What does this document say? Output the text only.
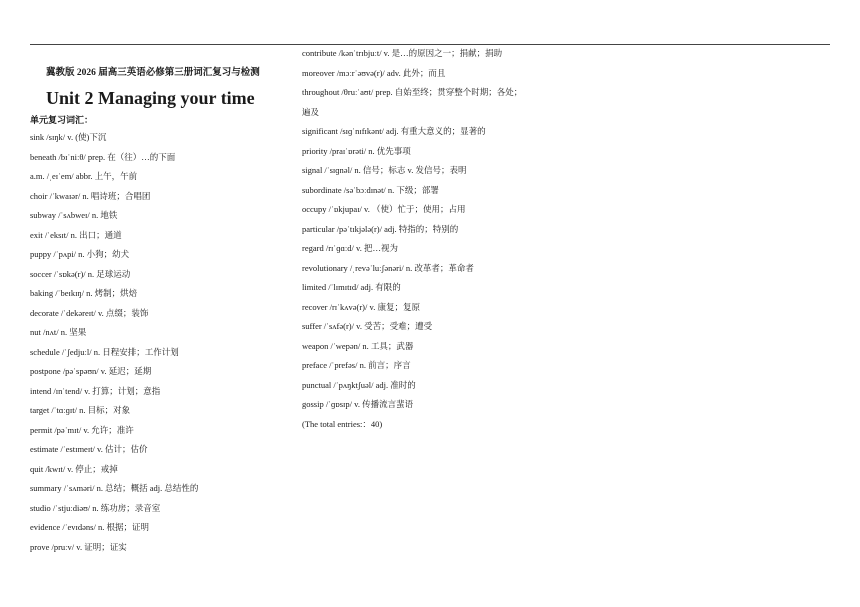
冀教版 2026 届高三英语必修第三册词汇复习与检测
Unit 2 Managing your time
单元复习词汇：
sink /sɪŋk/ v. (使)下沉
beneath /bɪˈniːθ/ prep. 在（往）…的下面
a.m. /ˌeɪˈem/ abbr. 上午，午前
choir /ˈkwaɪər/ n. 唱诗班；合唱团
subway /ˈsʌbweɪ/ n. 地铁
exit /ˈeksɪt/ n. 出口；通道
puppy /ˈpʌpi/ n. 小狗；幼犬
soccer /ˈsɒkə(r)/ n. 足球运动
baking /ˈbeɪkɪŋ/ n. 烤制；烘焙
decorate /ˈdekəreɪt/ v. 点缀；装饰
nut /nʌt/ n. 坚果
schedule /ˈʃedjuːl/ n. 日程安排；工作计划
postpone /pəˈspəʊn/ v. 延迟；延期
intend /ɪnˈtend/ v. 打算；计划；意指
target /ˈtɑːɡɪt/ n. 目标；对象
permit /pəˈmɪt/ v. 允许；准许
estimate /ˈestɪmeɪt/ v. 估计；估价
quit /kwɪt/ v. 停止；戒掉
summary /ˈsʌməri/ n. 总结；概括 adj. 总结性的
studio /ˈstjuːdiəʊ/ n. 练功房；录音室
evidence /ˈevɪdəns/ n. 根据；证明
prove /pruːv/ v. 证明；证实
contribute /kənˈtrɪbjuːt/ v. 是…的原因之一；捐献；捐助
moreover /mɔːrˈəʊvə(r)/ adv. 此外；而且
throughout /θruːˈaʊt/ prep. 自始至终；贯穿整个时期；各处；
遍及
significant /sɪɡˈnɪfɪkənt/ adj. 有重大意义的；显著的
priority /praɪˈɒrəti/ n. 优先事项
signal /ˈsɪɡnəl/ n. 信号；标志 v. 发信号；表明
subordinate /səˈbɔːdɪnət/ n. 下级；部署
occupy /ˈɒkjupaɪ/ v. （使）忙于；使用；占用
particular /pəˈtɪkjələ(r)/ adj. 特指的；特别的
regard /rɪˈɡɑːd/ v. 把…视为
revolutionary /ˌrevəˈluːʃənəri/ n. 改革者；革命者
limited /ˈlɪmɪtɪd/ adj. 有限的
recover /rɪˈkʌvə(r)/ v. 康复；复原
suffer /ˈsʌfə(r)/ v. 受苦；受难；遭受
weapon /ˈwepən/ n. 工具；武器
preface /ˈprefəs/ n. 前言；序言
punctual /ˈpʌŋktʃuəl/ adj. 准时的
gossip /ˈɡɒsɪp/ v. 传播流言蜚语
(The total entries:：40)
